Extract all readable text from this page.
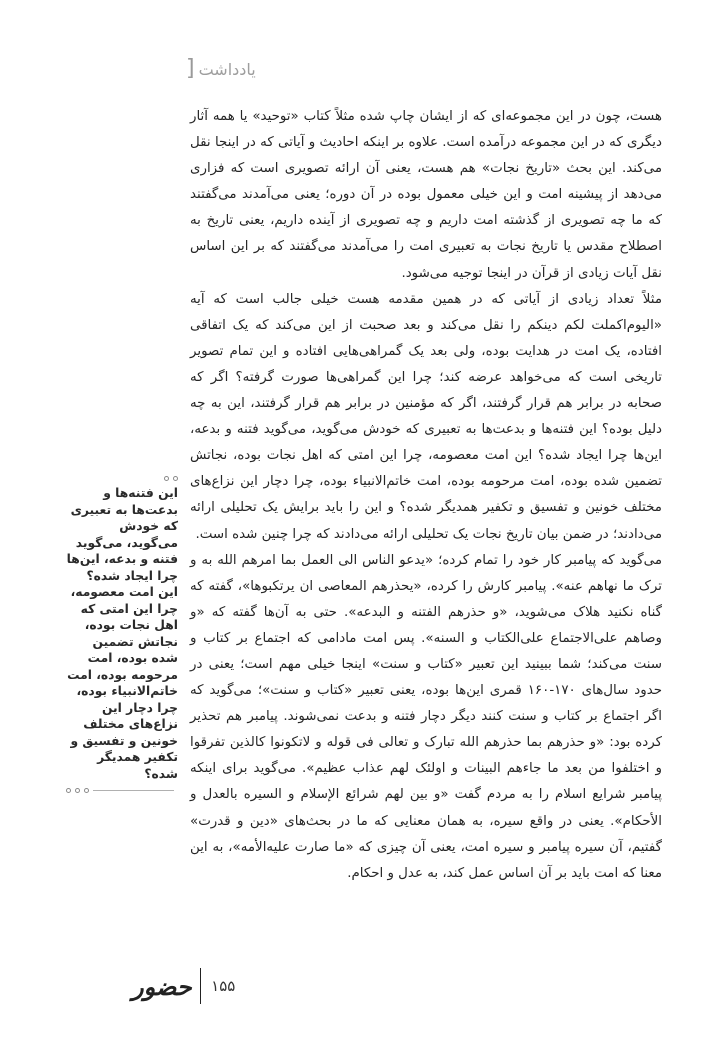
] یادداشت

هست، چون در این مجموعه‌ای که از ایشان چاپ شده مثلاً کتاب «توحید» یا همه آثار دیگری که در این مجموعه درآمده است. علاوه بر اینکه احادیث و آیاتی که در اینجا نقل می‌کند. این بحث «تاریخ نجات» هم هست، یعنی آن ارائه تصویری است که فزاری می‌دهد از پیشینه امت و این خیلی معمول بوده در آن دوره؛ یعنی می‌آمدند می‌گفتند که ما چه تصویری از گذشته امت داریم و چه تصویری از آینده داریم، یعنی تاریخ به اصطلاح مقدس یا تاریخ نجات به تعبیری امت را می‌آمدند می‌گفتند که بر این اساس نقل آیات زیادی از قرآن در اینجا توجیه می‌شود.

مثلاً تعداد زیادی از آیاتی که در همین مقدمه هست خیلی جالب است که آیه «الیوم‌اکملت لکم دینکم را نقل می‌کند و بعد صحبت از این می‌کند که یک اتفاقی افتاده، یک امت در هدایت بوده، ولی بعد یک گمراهی‌هایی افتاده و این تمام تصویر تاریخی است که می‌خواهد عرضه کند؛ چرا این گمراهی‌ها صورت گرفته؟ اگر که صحابه در برابر هم قرار گرفتند، اگر که مؤمنین در برابر هم قرار گرفتند، این به چه دلیل بوده؟ این فتنه‌ها و بدعت‌ها به تعبیری که خودش می‌گوید، می‌گوید فتنه و بدعه، این‌ها چرا ایجاد شده؟ این امت معصومه، چرا این امتی که اهل نجات بوده، نجاتش تضمین شده بوده، امت مرحومه بوده، امت خاتم‌الانبیاء بوده، چرا دچار این نزاع‌های مختلف خونین و تفسیق و تکفیر همدیگر شده؟ و این را باید برایش یک تحلیلی ارائه می‌دادند؛ در ضمن بیان تاریخ نجات یک تحلیلی ارائه می‌دادند که چرا چنین شده است.

می‌گوید که پیامبر کار خود را تمام کرده؛ «یدعو الناس الی العمل بما امرهم الله به و ترک ما نهاهم عنه». پیامبر کارش را کرده، «یحذرهم المعاصی ان یرتکبوها»، گفته که گناه نکنید هلاک می‌شوید، «و حذرهم الفتنه و البدعه». حتی به آن‌ها گفته که «و وصاهم علی‌الاجتماع علی‌الکتاب و السنه». پس امت مادامی که اجتماع بر کتاب و سنت می‌کند؛ شما ببینید این تعبیر «کتاب و سنت» اینجا خیلی مهم است؛ یعنی در حدود سال‌های ۱۷۰-۱۶۰ قمری این‌ها بوده، یعنی تعبیر «کتاب و سنت»؛ می‌گوید که اگر اجتماع بر کتاب و سنت کنند دیگر دچار فتنه و بدعت نمی‌شوند. پیامبر هم تحذیر کرده بود: «و حذرهم بما حذرهم الله تبارک و تعالی فی قوله و لاتکونوا کالذین تفرقوا و اختلفوا من بعد ما جاءهم البینات و اولئک لهم عذاب عظیم». می‌گوید برای اینکه پیامبر شرایع اسلام را به مردم گفت «و بین لهم شرائع الإسلام و السیره بالعدل و الأحکام». یعنی در واقع سیره، به همان معنایی که ما در بحث‌های «دین و قدرت» گفتیم، آن سیره پیامبر و سیره امت، یعنی آن چیزی که «ما صارت علیه‌الأمه»، به این معنا که امت باید بر آن اساس عمل کند، به عدل و احکام.

این فتنه‌ها و بدعت‌ها به تعبیری که خودش می‌گوید، می‌گوید فتنه و بدعه، این‌ها چرا ایجاد شده؟ این امت معصومه، چرا این امتی که اهل نجات بوده، نجاتش تضمین شده بوده، امت مرحومه بوده، امت خاتم‌الانبیاء بوده، چرا دچار این نزاع‌های مختلف خونین و تفسیق و تکفیر همدیگر شده؟

حضور ۱۵۵
